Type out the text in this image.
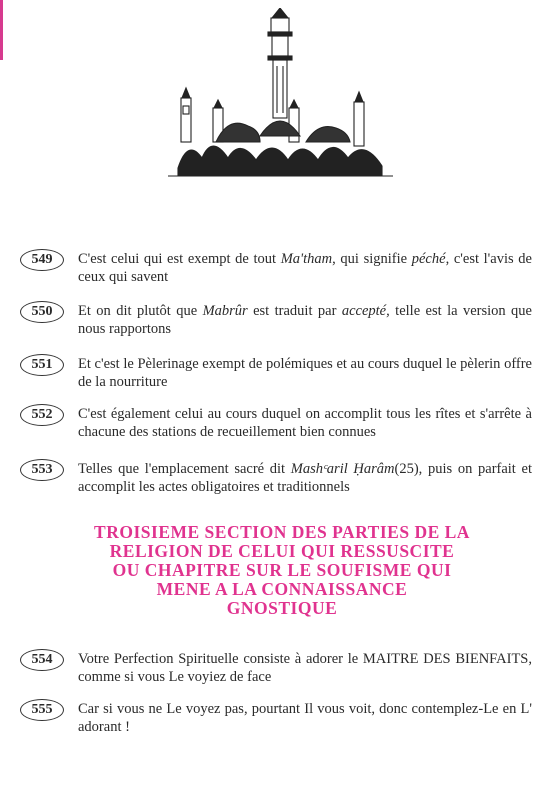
549	C'est celui qui est exempt de tout Ma'tham, qui signifie péché, c'est l'avis de ceux qui savent
550	Et on dit plutôt que Mabrûr est traduit par accepté, telle est la version que nous rapportons
551	Et c'est le Pèlerinage exempt de polémiques et au cours duquel le pèlerin offre de la nourriture
552	C'est également celui au cours duquel on accomplit tous les rîtes et s'arrête à chacune des stations de recueillement bien connues
553	Telles que l'emplacement sacré dit Mashᶜaril Ḥarâm(25), puis on parfait et accomplit les actes obligatoires et traditionnels
TROISIEME SECTION DES PARTIES DE LA
RELIGION DE CELUI QUI RESSUSCITE
OU CHAPITRE SUR LE SOUFISME QUI
MENE A LA CONNAISSANCE
GNOSTIQUE
554	Votre Perfection Spirituelle consiste à adorer le MAITRE DES BIENFAITS, comme si vous Le voyiez de face
555	Car si vous ne Le voyez pas, pourtant Il vous voit, donc contemplez-Le en L' adorant !
